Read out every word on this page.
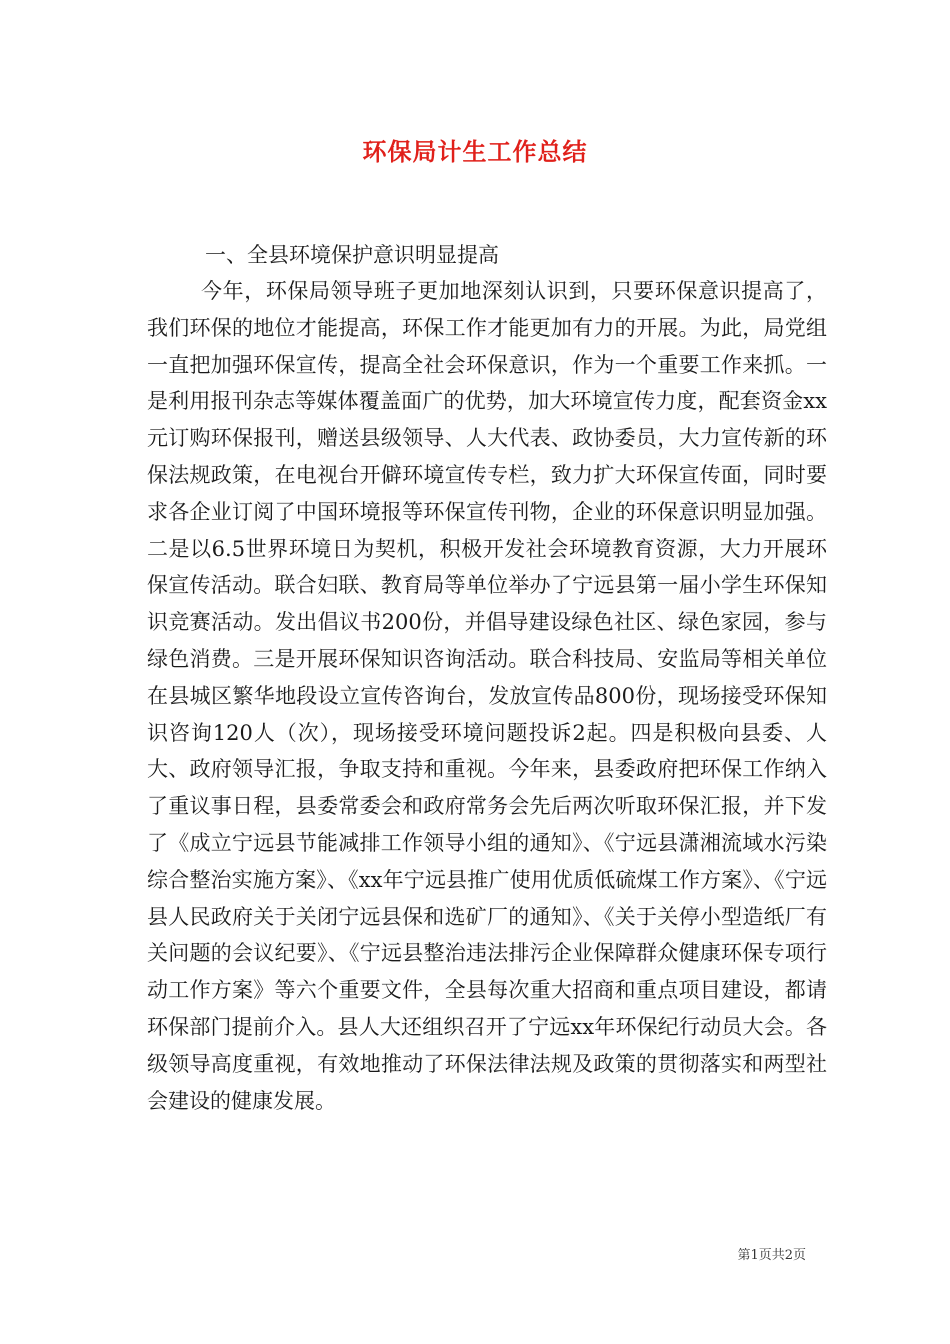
环保局计生工作总结
一、全县环境保护意识明显提高

今年，环保局领导班子更加地深刻认识到，只要环保意识提高了，我们环保的地位才能提高，环保工作才能更加有力的开展。为此，局党组一直把加强环保宣传，提高全社会环保意识，作为一个重要工作来抓。一是利用报刊杂志等媒体覆盖面广的优势，加大环境宣传力度，配套资金xx元订购环保报刊，赠送县级领导、人大代表、政协委员，大力宣传新的环保法规政策，在电视台开僻环境宣传专栏，致力扩大环保宣传面，同时要求各企业订阅了中国环境报等环保宣传刊物，企业的环保意识明显加强。二是以6.5世界环境日为契机，积极开发社会环境教育资源，大力开展环保宣传活动。联合妇联、教育局等单位举办了宁远县第一届小学生环保知识竞赛活动。发出倡议书200份，并倡导建设绿色社区、绿色家园，参与绿色消费。三是开展环保知识咨询活动。联合科技局、安监局等相关单位在县城区繁华地段设立宣传咨询台，发放宣传品800份，现场接受环保知识咨询120人（次），现场接受环境问题投诉2起。四是积极向县委、人大、政府领导汇报，争取支持和重视。今年来，县委政府把环保工作纳入了重议事日程，县委常委会和政府常务会先后两次听取环保汇报，并下发了《成立宁远县节能减排工作领导小组的通知》、《宁远县潇湘流域水污染综合整治实施方案》、《xx年宁远县推广使用优质低硫煤工作方案》、《宁远县人民政府关于关闭宁远县保和选矿厂的通知》、《关于关停小型造纸厂有关问题的会议纪要》、《宁远县整治违法排污企业保障群众健康环保专项行动工作方案》等六个重要文件，全县每次重大招商和重点项目建设，都请环保部门提前介入。县人大还组织召开了宁远xx年环保纪行动员大会。各级领导高度重视，有效地推动了环保法律法规及政策的贯彻落实和两型社会建设的健康发展。

第1页共2页
